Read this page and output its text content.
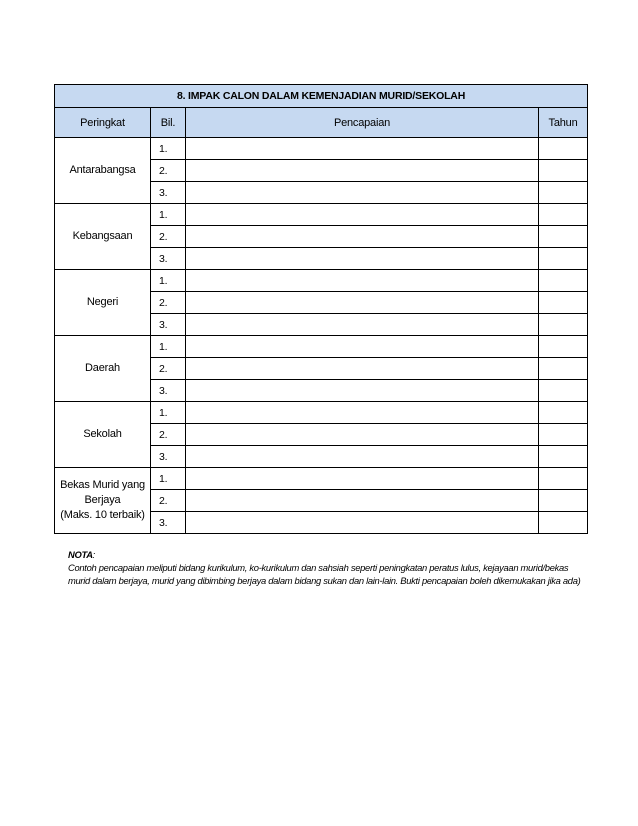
8. IMPAK CALON DALAM KEMENJADIAN MURID/SEKOLAH			
Peringkat	Bil.	Pencapaian	Tahun
Antarabangsa	1.		
	2.		
	3.		
Kebangsaan	1.		
	2.		
	3.		
Negeri	1.		
	2.		
	3.		
Daerah	1.		
	2.		
	3.		
Sekolah	1.		
	2.		
	3.		

Bekas Murid yang
Berjaya
(Maks. 10 terbaik)	1.		
	2.		
	3.		

NOTA:

Contoh pencapaian meliputi bidang kurikulum, ko-kurikulum dan sahsiah seperti peningkatan peratus lulus, kejayaan murid/bekas murid dalam berjaya, murid yang dibimbing berjaya dalam bidang sukan dan lain-lain. Bukti pencapaian boleh dikemukakan jika ada)
